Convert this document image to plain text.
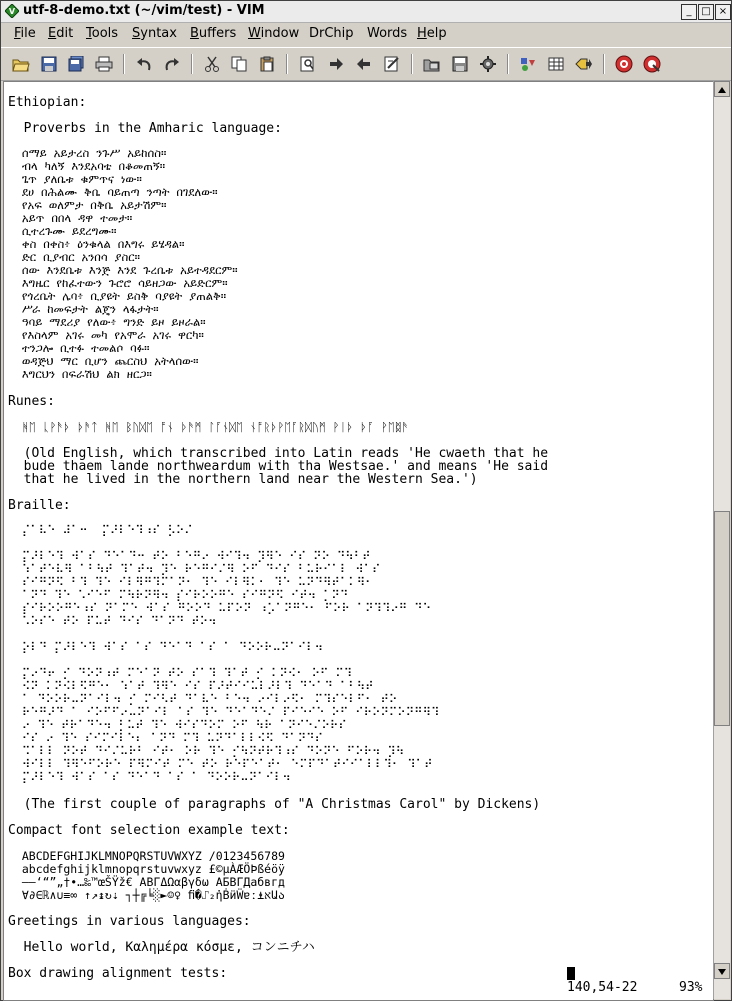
V utf-8-demo.txt (~/vim/test) - VIM	_ □ ×
File Edit Tools Syntax Buffers Window DrChip Words Help
Ethiopian:
Proverbs in the Amharic language:
ሰማይ አይታረስ ንጉሥ አይከሰስ።
ብላ ካለኝ እንደአባቴ በቆመጠኝ።
ጌጥ ያለቤቱ ቁምጥና ነው።
ደሀ በሕልሙ ቅቤ ባይጠጣ ንጣት በገደለው።
የአፍ ወለምታ በቅቤ አይታሽም።
አይጥ በበላ ዳዋ ተመታ።
ሲተረጉሙ ይደረግሙ።
ቀስ በቀስ፥ ዕንቁላል በእግሩ ይሄዳል።
ድር ቢያብር አንበሳ ያስር።
ሰው እንደቤቱ እንጅ እንደ ጉረቤቱ አይተዳደርም።
እግዜር የከፈተውን ጉሮሮ ሳይዘጋው አይድርም።
የጎረቤት ሌባ፥ ቢያዩት ይስቅ ባያዩት ያጠልቅ።
ሥራ ከመፍታት ልጄን ላፋታት።
ዓባይ ማደሪያ የለው፥ ግንድ ይዞ ይዞራል።
የእስላም አገሩ መካ የአሞራ አገሩ ዋርካ።
ተንጋሎ ቢተፉ ተመልሶ ባፉ።
ወዳጅህ ማር ቢሆን ጨርስህ አትላሰው።
እግርህን በፍራሽህ ልክ ዘርጋ።
Runes:
ᚻᛖ ᚳᚹᚫᚦ ᚦᚫᛏ ᚻᛖ ᛒᚢᛞᛖ ᚩᚾ ᚦᚫᛗ ᛚᚪᚾᛞᛖ ᚾᚩᚱᚦᚹᛖᚪᚱᛞᚢᛗ ᚹᛁᚦ ᚦᚪ ᚹᛖᛥᚫ
(Old English, which transcribed into Latin reads 'He cwaeth that he
bude thaem lande northweardum with tha Westsae.' and means 'He said
that he lived in the northern land near the Western Sea.')
Braille:
⡌⠁⠧⠑ ⠼⠁⠒  ⡍⠜⠇⠑⠹⠰⠎ ⡣⠕⠌
⡍⠜⠇⠑⠹ ⠺⠁⠎ ⠙⠑⠁⠙⠒ ⠞⠕ ⠃⠑⠛⠔ ⠺⠊⠹⠲ ⡹⠻⠑ ⠊⠎ ⠝⠕ ⠙⠳⠃⠞
⠱⠁⠞⠑⠧⠻ ⠁⠃⠳⠞ ⠹⠁⠞⠲ ⡹⠑ ⠗⠑⠛⠊⠌⠻ ⠕⠋ ⠙⠊⠎ ⠃⠥⠗⠊⠁⠇ ⠺⠁⠎
⠎⠊⠛⠝⠫ ⠃⠹ ⠹⠑ ⠊⠇⠻⠛⠹⠍⠁⠝⠂ ⠹⠑ ⠊⠇⠻⠅⠂ ⠹⠑ ⠥⠝⠙⠻⠞⠁⠅⠻⠂
⠁⠝⠙ ⠹⠑ ⠡⠊⠑⠋ ⠍⠳⠗⠝⠻⠲ ⡎⠊⠗⠕⠕⠛⠑ ⠎⠊⠛⠝⠫ ⠊⠞⠲ ⡁⠝⠙
⡎⠊⠗⠕⠕⠛⠑⠰⠎ ⠝⠁⠍⠑ ⠺⠁⠎ ⠛⠕⠕⠙ ⠥⠏⠕⠝ ⠰⡡⠁⠝⠛⠑⠂ ⠋⠕⠗ ⠁⠝⠹⠹⠔⠛ ⠙⠑
⠡⠕⠎⠑ ⠞⠕ ⠏⠥⠞ ⠙⠊⠎ ⠙⠁⠝⠙ ⠞⠕⠲
⡕⠇⠙ ⡍⠜⠇⠑⠹ ⠺⠁⠎ ⠁⠎ ⠙⠑⠁⠙ ⠁⠎ ⠁ ⠙⠕⠕⠗⠤⠝⠁⠊⠇⠲
⡍⠔⠙⠖ ⡊ ⠙⠕⠝⠰⠞ ⠍⠑⠁⠝ ⠞⠕ ⠎⠁⠹ ⠹⠁⠞ ⡊ ⠅⠝⠪⠂ ⠕⠋ ⠍⠹
⠪⠝ ⠅⠝⠪⠇⠫⠛⠑⠂ ⠱⠁⠞ ⠹⠻⠑ ⠊⠎ ⠏⠜⠞⠊⠊⠥⠇⠜⠇⠹ ⠙⠑⠁⠙ ⠁⠃⠳⠞
⠁ ⠙⠕⠕⠗⠤⠝⠁⠊⠇⠲ ⡊ ⠍⠊⠣⠞ ⠙⠁⠧⠑ ⠃⠑⠲ ⠔⠊⠇⠔⠫⠂ ⠍⠹⠎⠑⠇⠋⠂ ⠞⠕
⠗⠑⠛⠜⠙ ⠁ ⠊⠕⠋⠋⠔⠤⠝⠁⠊⠇ ⠁⠎ ⠹⠑ ⠙⠑⠁⠙⠑⠌ ⠏⠊⠑⠊⠑ ⠕⠋ ⠊⠗⠕⠝⠍⠕⠝⠛⠻⠹
⠔ ⠹⠑ ⠞⠗⠁⠙⠑⠲ ⡃⠥⠞ ⠹⠑ ⠺⠊⠎⠙⠕⠍ ⠕⠋ ⠳⠗ ⠁⠝⠊⠑⠌⠕⠗⠎
⠊⠎ ⠔ ⠹⠑ ⠎⠊⠍⠊⠇⠑⠆ ⠁⠝⠙ ⠍⠹ ⠥⠝⠙⠁⠇⠇⠪⠫ ⠙⠁⠝⠙⠎
⠩⠁⠇⠇ ⠝⠕⠞ ⠙⠊⠌⠥⠗⠃ ⠊⠞⠂ ⠕⠗ ⠹⠑ ⡊⠳⠝⠞⠗⠹⠰⠎ ⠙⠕⠝⠑ ⠋⠕⠗⠲ ⡹⠳
⠺⠊⠇⠇ ⠹⠻⠑⠋⠕⠗⠑ ⠏⠻⠍⠊⠞ ⠍⠑ ⠞⠕ ⠗⠑⠏⠑⠁⠞⠂ ⠑⠍⠏⠙⠁⠞⠊⠊⠁⠇⠇⠹⠂ ⠹⠁⠞
⡍⠜⠇⠑⠹ ⠺⠁⠎ ⠁⠎ ⠙⠑⠁⠙ ⠁⠎ ⠁ ⠙⠕⠕⠗⠤⠝⠁⠊⠇⠲
(The first couple of paragraphs of "A Christmas Carol" by Dickens)
Compact font selection example text:
ABCDEFGHIJKLMNOPQRSTUVWXYZ /0123456789
abcdefghijklmnopqrstuvwxyz £©µÀÆÖÞßéöÿ
–—‘“”„†•…‰™œŠŸž€ ΑΒΓΔΩαβγδω АБВГДабвгд
∀∂∈ℝ∧∪≡∞ ↑↗↨↻⇣ ┐┼╔╘░►☺♀ ﬁ�⑀₂ἠḂӥẄɐː⍎אԱა
Greetings in various languages:
Hello world, Καλημέρα κόσμε, コンニチハ
Box drawing alignment tests:
140,54-22	93%
